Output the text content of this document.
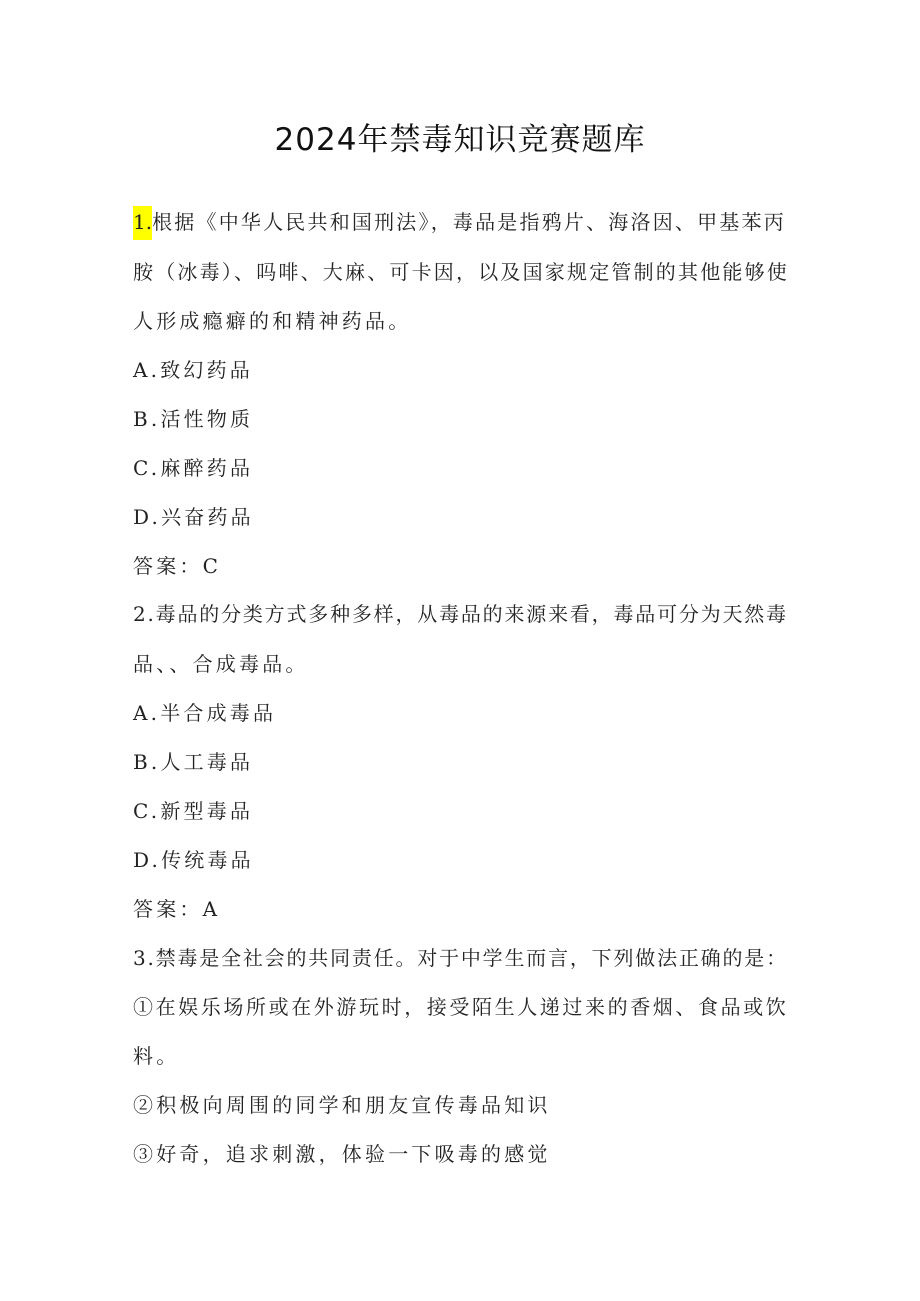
2024年禁毒知识竞赛题库
1.根据《中华人民共和国刑法》，毒品是指鸦片、海洛因、甲基苯丙
胺（冰毒）、吗啡、大麻、可卡因，以及国家规定管制的其他能够使
人形成瘾癖的和精神药品。
A.致幻药品
B.活性物质
C.麻醉药品
D.兴奋药品
答案：C
2.毒品的分类方式多种多样，从毒品的来源来看，毒品可分为天然毒
品、、合成毒品。
A.半合成毒品
B.人工毒品
C.新型毒品
D.传统毒品
答案：A
3.禁毒是全社会的共同责任。对于中学生而言，下列做法正确的是：
①在娱乐场所或在外游玩时，接受陌生人递过来的香烟、食品或饮
料。
②积极向周围的同学和朋友宣传毒品知识
③好奇，追求刺激，体验一下吸毒的感觉
